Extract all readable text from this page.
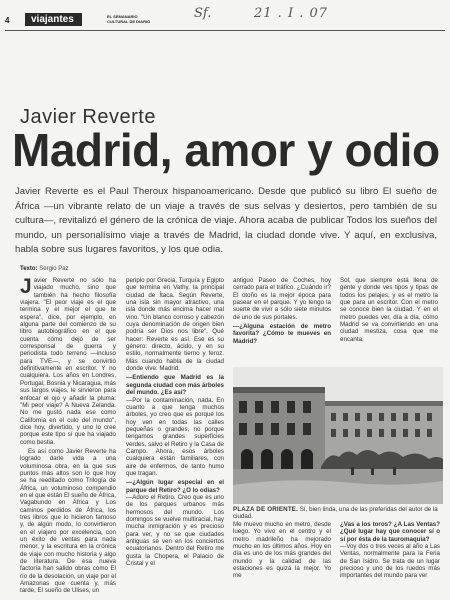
4	viajantes	EL SEMANARIO CULTURAL DE DIARIO
Sf.	21 . I . 07
Javier Reverte
Madrid, amor y odio
Javier Reverte es el Paul Theroux hispanoamericano. Desde que publicó su libro El sueño de África —un vibrante relato de un viaje a través de sus selvas y desiertos, pero también de su cultura—, revitalizó el género de la crónica de viaje. Ahora acaba de publicar Todos los sueños del mundo, un personalísimo viaje a través de Madrid, la ciudad donde vive. Y aquí, en exclusiva, habla sobre sus lugares favoritos, y los que odia.
Texto: Sergio Paz
Javier Reverte no sólo ha viajado mucho, sino que también ha hecho filosofía viajera. "El peor viaje es el que termina y el mejor el que te espera", dice, por ejemplo, en alguna parte del comienzo de su libro autobiográfico en el que cuenta cómo dejó de ser corresponsal de guerra y periodista todo terreno —incluso para TVE—, y se convirtió definitivamente en escritor. Y no cualquiera. Los años en Londres, Portugal, Bosnia y Nicaragua, más sus largos viajes, le sirvieron para enfocar el ojo y añadir la pluma: "Mi peor viaje? A Nueva Zelanda. No me gustó nada ese como California en el culo del mundo", dice hoy, divertido, y uno lo cree porque este tipo sí que ha viajado como bestia.
Es así como Javier Reverte ha logrado darle vida a una voluminosa obra, en la que sus puntos más altos son lo que hoy se ha reeditado como Trilogía de África, un voluminoso compendio en el que están El sueño de África, Vagabundo en África y Los caminos perdidos de África, los tres libros que lo hicieron famoso y, de algún modo, lo convirtieron en el viajero por excelencia, con un éxito de ventas para nada menor, y la escritura en la crónica de viaje con mucho historia y algo de literatura. De esa nueva factoría han salido obras como El río de la desolación, un viaje por el Amazonas que cuenta y, más tarde, El sueño de Ulises, un
periplo por Grecia, Turquía y Egipto que termina en Vathy, la principal ciudad de Ítaca. Según Reverte, una isla sin mayor atractivo, una isla donde más encima hacer mal vino. "Un blanco corroso y cabezón cuya denominación de origen bien podría ser Dios nos libre". Qué hacer: Reverte es así. Ese es su género: directo, ácido, y en su estilo, normalmente tierno y feroz. Más cuando habla de la ciudad donde vive: Madrid.
—Entiendo que Madrid es la segunda ciudad con más árboles del mundo. ¿Es así?
—Por la contaminación, nada. En cuanto a que tenga muchos árboles, yo creo que es porque los hoy ven en todas las calles pequeñas o grandes, no porque tengamos grandes superficies verdes, salvo el Retiro y la Casa de Campo. Ahora, esos árboles cualquiera están familiares, con aire de enfermos, de tanto humo que tragan.
—¿Algún lugar especial en el parque del Retiro? ¿O lo odias?
—Adoro el Retiro. Creo que es uno de los parques urbanos más hermosos del mundo. Los domingos se vuelve multiracial, hay mucha inmigración y es precioso para ver, y no se que ciudades antiguas se ven en los conciertos ecuatorianos. Dentro del Retiro me gusta la Chopera, el Palacio de Cristal y el
antiguo Paseo de Coches, hoy cerrado para el tráfico. ¿Cuándo ir? El otoño es la mejor época para pasear en el parque. Y yo tengo la suerte de vivir a sólo siete minutos de uno de sus portales.
—¿Alguna estación de metro favorita? ¿Cómo te mueves en Madrid?
Sol, que siempre está llena de gente y donde ves tipos y tipas de todos los pelajes, y es el metro la que para un escritor. Con el metro se conoce bien la ciudad. Y en el metro puedes ver, día a día, cómo Madrid se va convirtiendo en una ciudad mestiza, cosa que me encanta.
PLAZA DE ORIENTE. Sí, bien linda, una de las preferidas del autor de la ciudad.
Me muevo mucho en metro, desde luego. Yo vivo en el centro y el metro madrileño ha mejorado mucho en los últimos años. Hoy en día es uno de los más grandes del mundo y la calidad de las estaciones es quizá la mejor. Yo me
¿Vas a los toros? ¿A Las Ventas? ¿Qué lugar hay que conocer sí o sí por ésta de la tauromaquia?
—Voy dos o tres veces al año a Las Ventas, normalmente para la Feria de San Isidro. Se trata de un lugar precioso y uno de los ruedos más importantes del mundo para ver
